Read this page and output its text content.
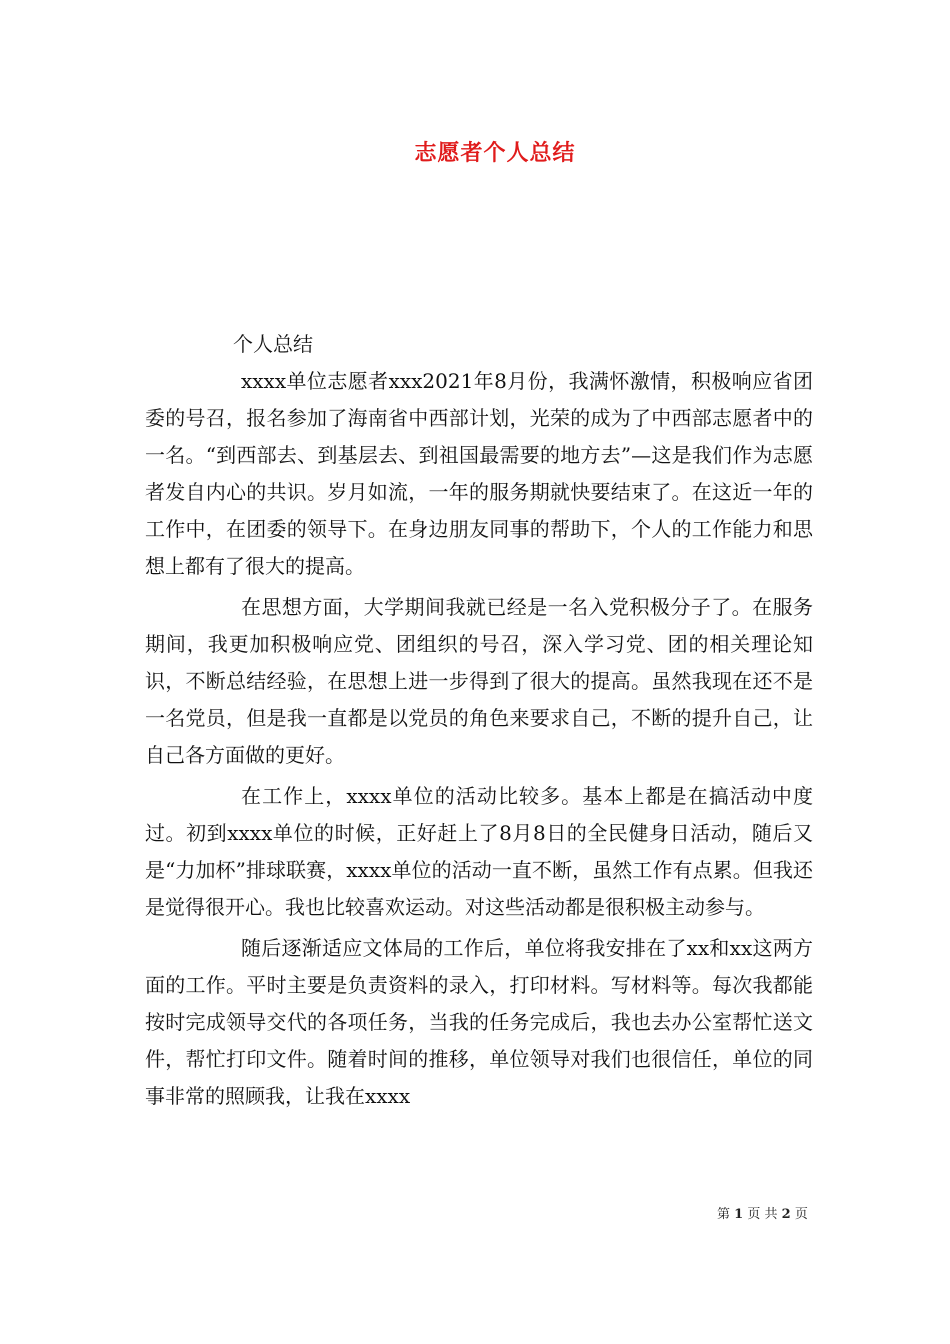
志愿者个人总结

个人总结

xxxx单位志愿者xxx2021年8月份，我满怀激情，积极响应省团委的号召，报名参加了海南省中西部计划，光荣的成为了中西部志愿者中的一名。“到西部去、到基层去、到祖国最需要的地方去”—这是我们作为志愿者发自内心的共识。岁月如流，一年的服务期就快要结束了。在这近一年的工作中，在团委的领导下。在身边朋友同事的帮助下，个人的工作能力和思想上都有了很大的提高。

在思想方面，大学期间我就已经是一名入党积极分子了。在服务期间，我更加积极响应党、团组织的号召，深入学习党、团的相关理论知识，不断总结经验，在思想上进一步得到了很大的提高。虽然我现在还不是一名党员，但是我一直都是以党员的角色来要求自己，不断的提升自己，让自己各方面做的更好。

在工作上，xxxx单位的活动比较多。基本上都是在搞活动中度过。初到xxxx单位的时候，正好赶上了8月8日的全民健身日活动，随后又是“力加杯”排球联赛，xxxx单位的活动一直不断，虽然工作有点累。但我还是觉得很开心。我也比较喜欢运动。对这些活动都是很积极主动参与。

随后逐渐适应文体局的工作后，单位将我安排在了xx和xx这两方面的工作。平时主要是负责资料的录入，打印材料。写材料等。每次我都能按时完成领导交代的各项任务，当我的任务完成后，我也去办公室帮忙送文件，帮忙打印文件。随着时间的推移，单位领导对我们也很信任，单位的同事非常的照顾我，让我在xxxx

第 1 页 共 2 页
